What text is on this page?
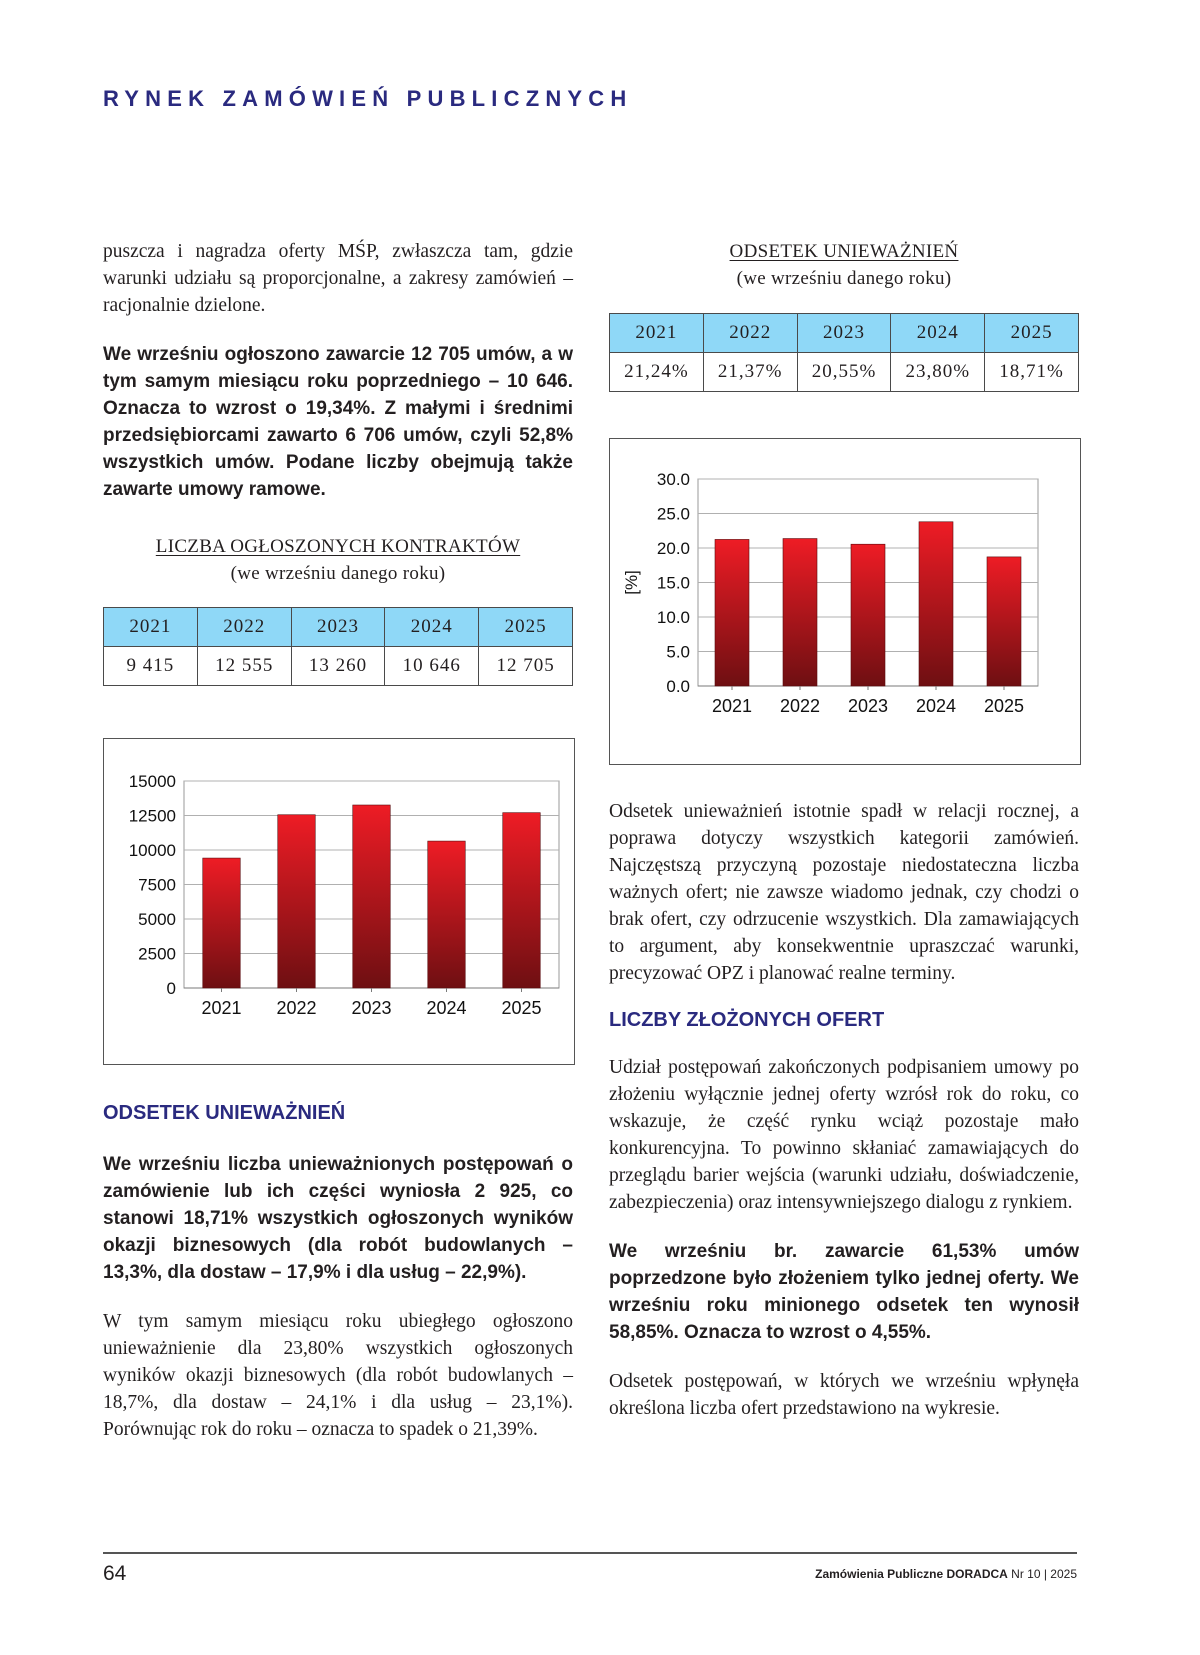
RYNEK ZAMÓWIEŃ PUBLICZNYCH

puszcza i nagradza oferty MŚP, zwłaszcza tam, gdzie warunki udziału są proporcjonalne, a zakresy zamówień – racjonalnie dzielone.

We wrześniu ogłoszono zawarcie 12 705 umów, a w tym samym miesiącu roku poprzedniego – 10 646. Oznacza to wzrost o 19,34%. Z małymi i średnimi przedsiębiorcami zawarto 6 706 umów, czyli 52,8% wszystkich umów. Podane liczby obejmują także zawarte umowy ramowe.

LICZBA OGŁOSZONYCH KONTRAKTÓW
(we wrześniu danego roku)
2021	2022	2023	2024	2025
9 415	12 555	13 260	10 646	12 705
0
2500
5000
7500
10000
12500
15000
2021 2022 2023 2024 2025
ODSETEK UNIEWAŻNIEŃ

We wrześniu liczba unieważnionych postępowań o zamówienie lub ich części wyniosła 2 925, co stanowi 18,71% wszystkich ogłoszonych wyników okazji biznesowych (dla robót budowlanych – 13,3%, dla dostaw – 17,9% i dla usług – 22,9%).

W tym samym miesiącu roku ubiegłego ogłoszono unieważnienie dla 23,80% wszystkich ogłoszonych wyników okazji biznesowych (dla robót budowlanych – 18,7%, dla dostaw – 24,1% i dla usług – 23,1%). Porównując rok do roku – oznacza to spadek o 21,39%.

ODSETEK UNIEWAŻNIEŃ
(we wrześniu danego roku)
2021	2022	2023	2024	2025
21,24%	21,37%	20,55%	23,80%	18,71%
0.0
5.0
10.0
15.0
20.0
25.0
30.0
2021 2022 2023 2024 2025
[%]

Odsetek unieważnień istotnie spadł w relacji rocznej, a poprawa dotyczy wszystkich kategorii zamówień. Najczęstszą przyczyną pozostaje niedostateczna liczba ważnych ofert; nie zawsze wiadomo jednak, czy chodzi o brak ofert, czy odrzucenie wszystkich. Dla zamawiających to argument, aby konsekwentnie upraszczać warunki, precyzować OPZ i planować realne terminy.

LICZBY ZŁOŻONYCH OFERT

Udział postępowań zakończonych podpisaniem umowy po złożeniu wyłącznie jednej oferty wzrósł rok do roku, co wskazuje, że część rynku wciąż pozostaje mało konkurencyjna. To powinno skłaniać zamawiających do przeglądu barier wejścia (warunki udziału, doświadczenie, zabezpieczenia) oraz intensywniejszego dialogu z rynkiem.

We wrześniu br. zawarcie 61,53% umów poprzedzone było złożeniem tylko jednej oferty. We wrześniu roku minionego odsetek ten wynosił 58,85%. Oznacza to wzrost o 4,55%.

Odsetek postępowań, w których we wrześniu wpłynęła określona liczba ofert przedstawiono na wykresie.

64	Zamówienia Publiczne DORADCA Nr 10 | 2025
